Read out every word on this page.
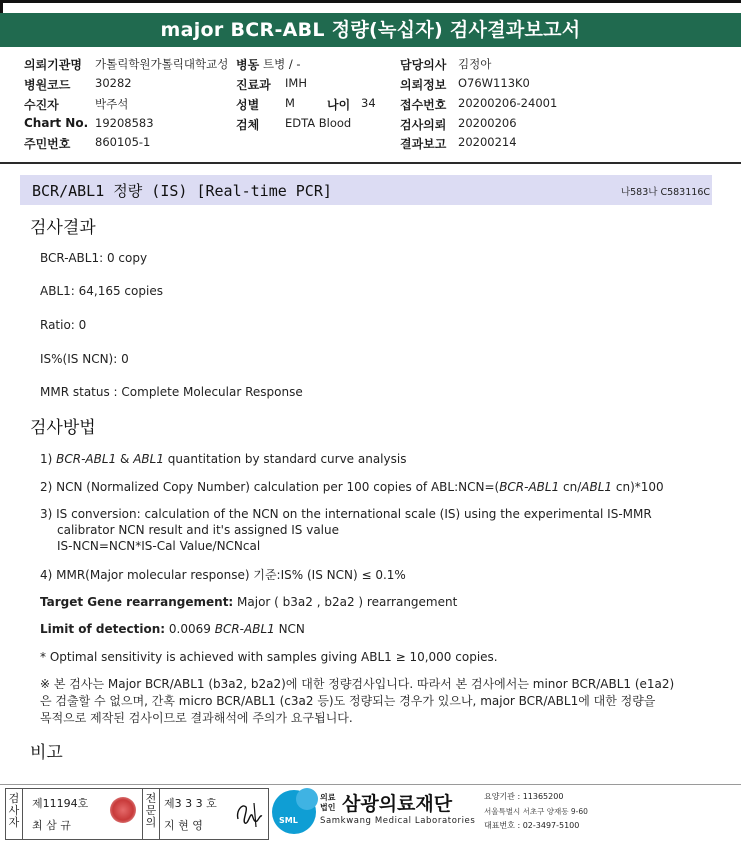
major BCR-ABL 정량(녹십자) 검사결과보고서
의뢰기관명 가톨릭학원가톨릭대학교성 병동 트병 / -	담당의사 김정아
병원코드 30282	진료과 IMH	의뢰정보 O76W113K0
수진자	박주석	성별 M	나이 34 접수번호 20200206-24001
Chart No. 19208583	검체 EDTA Blood	검사의뢰 20200206
주민번호 860105-1	결과보고 20200214
BCR/ABL1 정량 (IS) [Real-time PCR]	나583나 C583116C
검사결과
BCR-ABL1: 0 copy
ABL1: 64,165 copies
Ratio: 0
IS%(IS NCN): 0
MMR status : Complete Molecular Response
검사방법
1) BCR-ABL1 & ABL1 quantitation by standard curve analysis
2) NCN (Normalized Copy Number) calculation per 100 copies of ABL:NCN=(BCR-ABL1 cn/ABL1 cn)*100
3) IS conversion: calculation of the NCN on the international scale (IS) using the experimental IS-MMR
calibrator NCN result and it's assigned IS value
IS-NCN=NCN*IS-Cal Value/NCNcal
4) MMR(Major molecular response) 기준:IS% (IS NCN) ≤ 0.1%
Target Gene rearrangement: Major ( b3a2 , b2a2 ) rearrangement
Limit of detection: 0.0069 BCR-ABL1 NCN
* Optimal sensitivity is achieved with samples giving ABL1 ≥ 10,000 copies.
※ 본 검사는 Major BCR/ABL1 (b3a2, b2a2)에 대한 정량검사입니다. 따라서 본 검사에서는 minor BCR/ABL1 (e1a2)
은 검출할 수 없으며, 간혹 micro BCR/ABL1 (c3a2 등)도 정량되는 경우가 있으나, major BCR/ABL1에 대한 정량을
목적으로 제작된 검사이므로 결과해석에 주의가 요구됩니다.
비고
검사자
제11194호
최 삼 규
전문의
제3 3 3 호
지 현 영	SML
의료법인 삼광의료재단
Samkwang Medical Laboratories
요양기관 : 11365200
서울특별시 서초구 양재동 9-60
대표번호 : 02-3497-5100
